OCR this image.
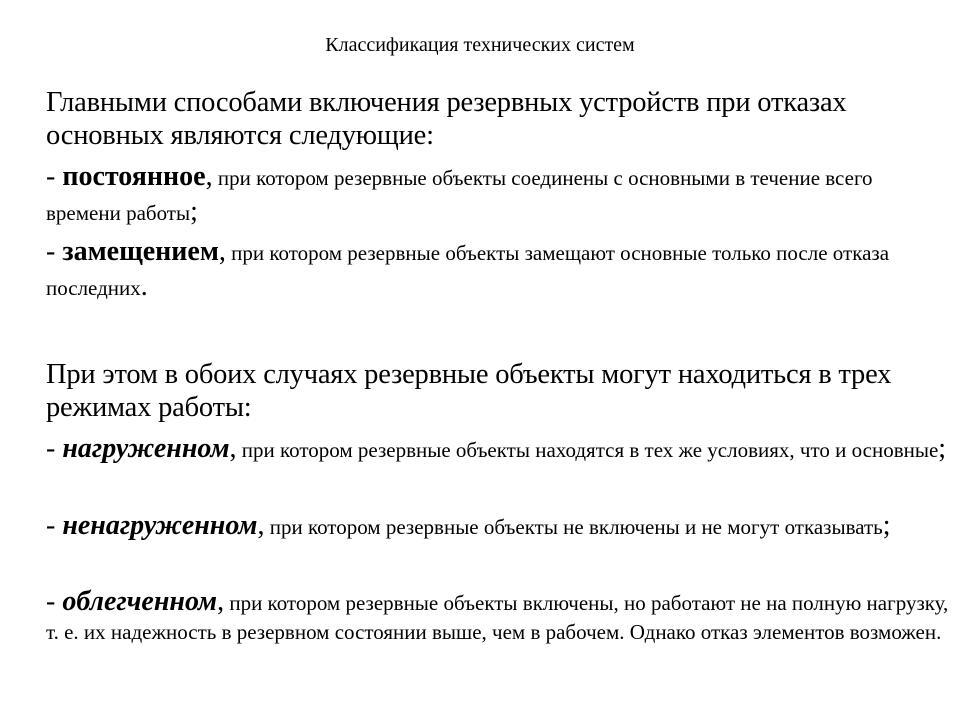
Классификация технических систем
Главными способами включения резервных устройств при отказах основных являются следующие:
- постоянное, при котором резервные объекты соединены с основными в течение всего времени работы;
- замещением, при котором резервные объекты замещают основные только после отказа последних.
При этом в обоих случаях резервные объекты могут находиться в трех режимах работы:
- нагруженном, при котором резервные объекты находятся в тех же условиях, что и основные;
- ненагруженном, при котором резервные объекты не включены и не могут отказывать;
- облегченном, при котором резервные объекты включены, но работают не на полную нагрузку, т. е. их надежность в резервном состоянии выше, чем в рабочем. Однако отказ элементов возможен.
